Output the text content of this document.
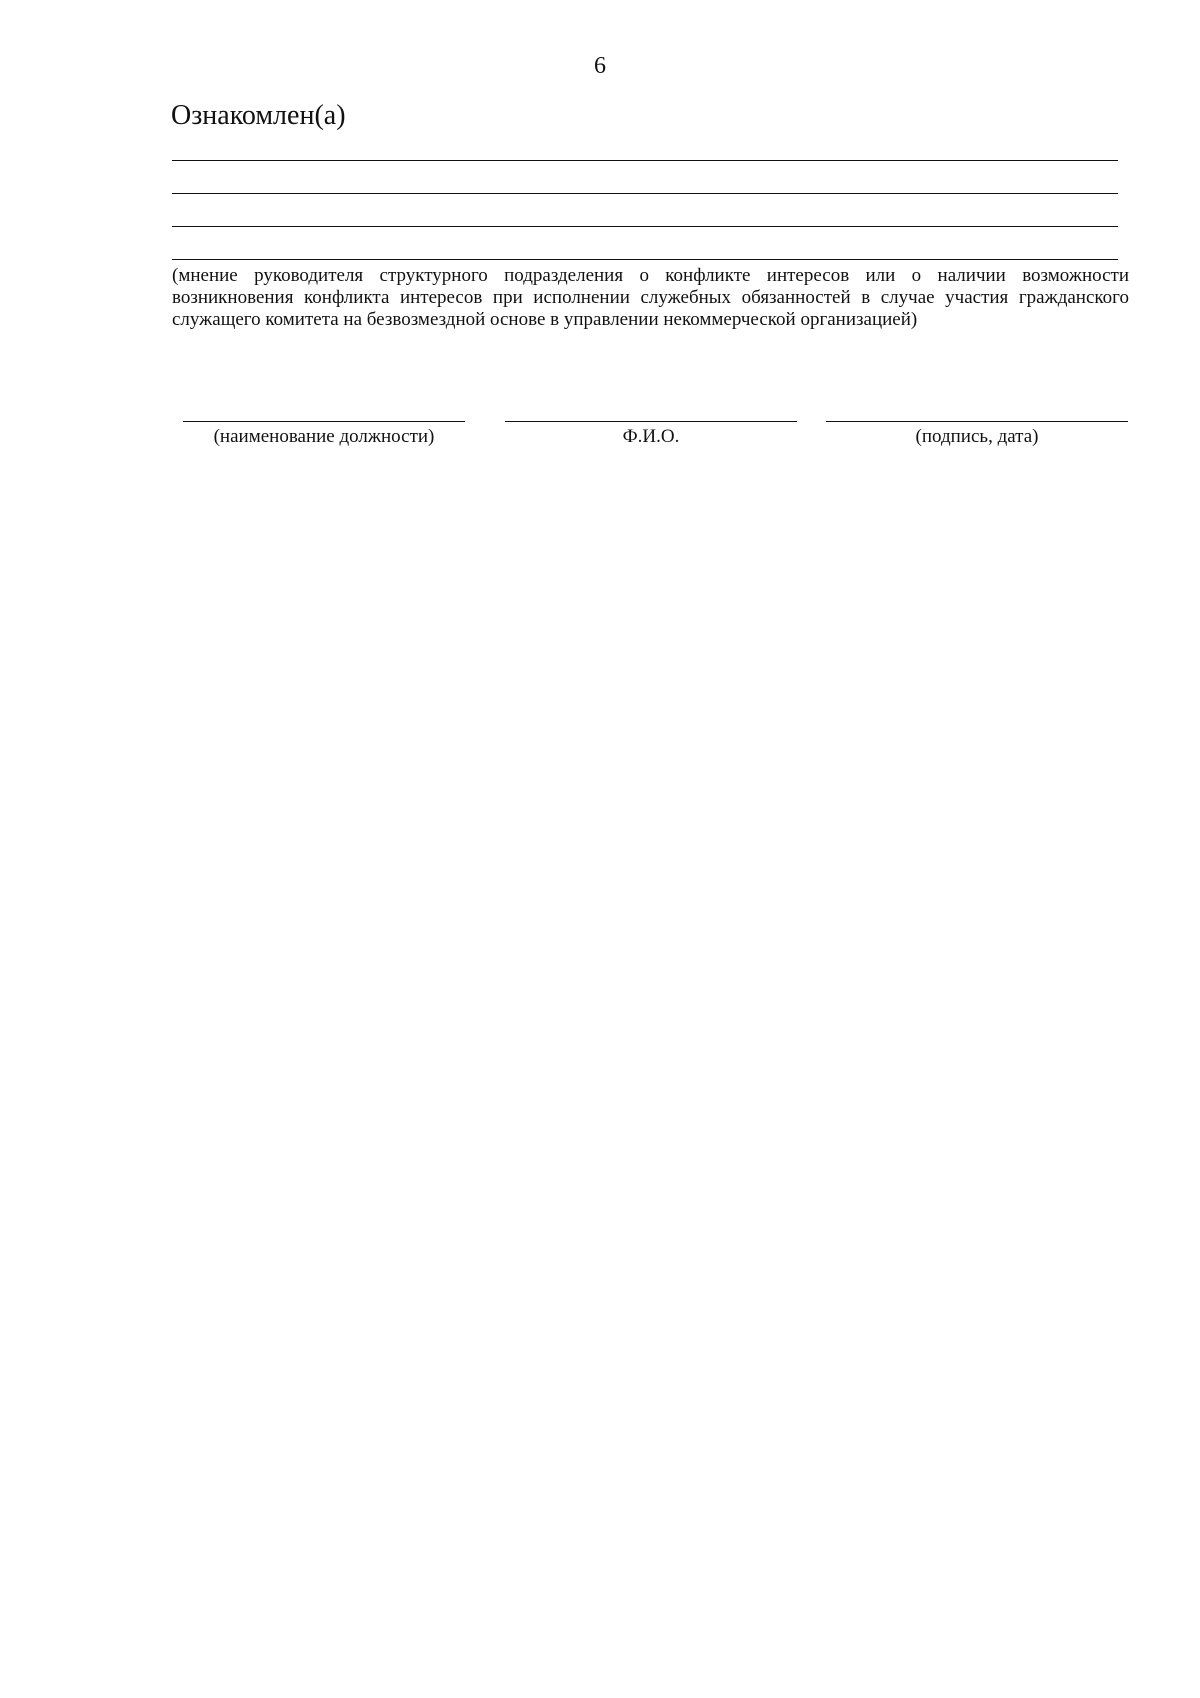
6
Ознакомлен(а)
(мнение руководителя структурного подразделения о конфликте интересов или о наличии возможности возникновения конфликта интересов при исполнении служебных обязанностей в случае участия гражданского служащего комитета на безвозмездной основе в управлении некоммерческой организацией)
(наименование должности)	Ф.И.О.	(подпись, дата)
